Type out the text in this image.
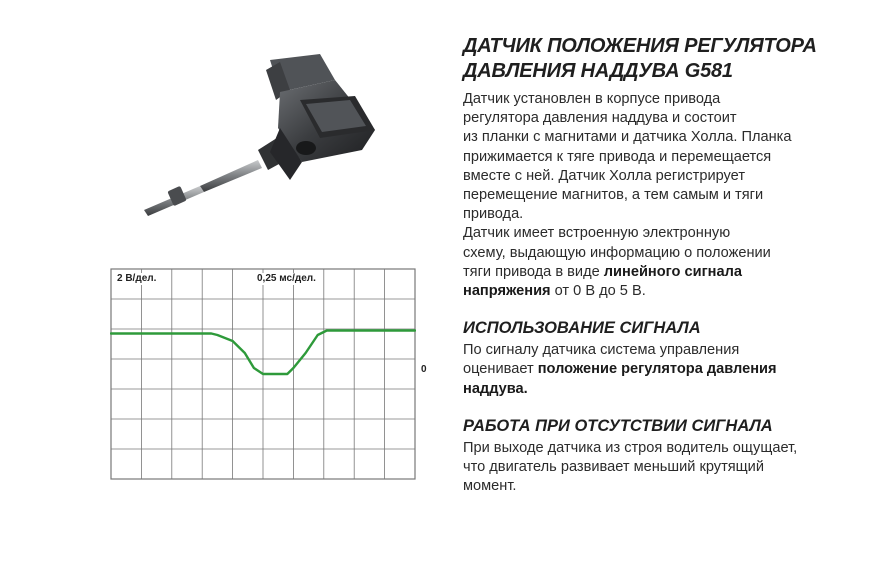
2 В/дел.	0,25 мс/дел.
0
ДАТЧИК ПОЛОЖЕНИЯ РЕГУЛЯТОРА
ДАВЛЕНИЯ НАДДУВА G581

Датчик установлен в корпусе привода
регулятора давления наддува и состоит
из планки с магнитами и датчика Холла. Планка
прижимается к тяге привода и перемещается
вместе с ней. Датчик Холла регистрирует
перемещение магнитов, а тем самым и тяги
привода.

Датчик имеет встроенную электронную
схему, выдающую информацию о положении
тяги привода в виде линейного сигнала
напряжения от 0 В до 5 В.

ИСПОЛЬЗОВАНИЕ СИГНАЛА

По сигналу датчика система управления
оценивает положение регулятора давления
наддува.

РАБОТА ПРИ ОТСУТСТВИИ СИГНАЛА

При выходе датчика из строя водитель ощущает,
что двигатель развивает меньший крутящий
момент.
